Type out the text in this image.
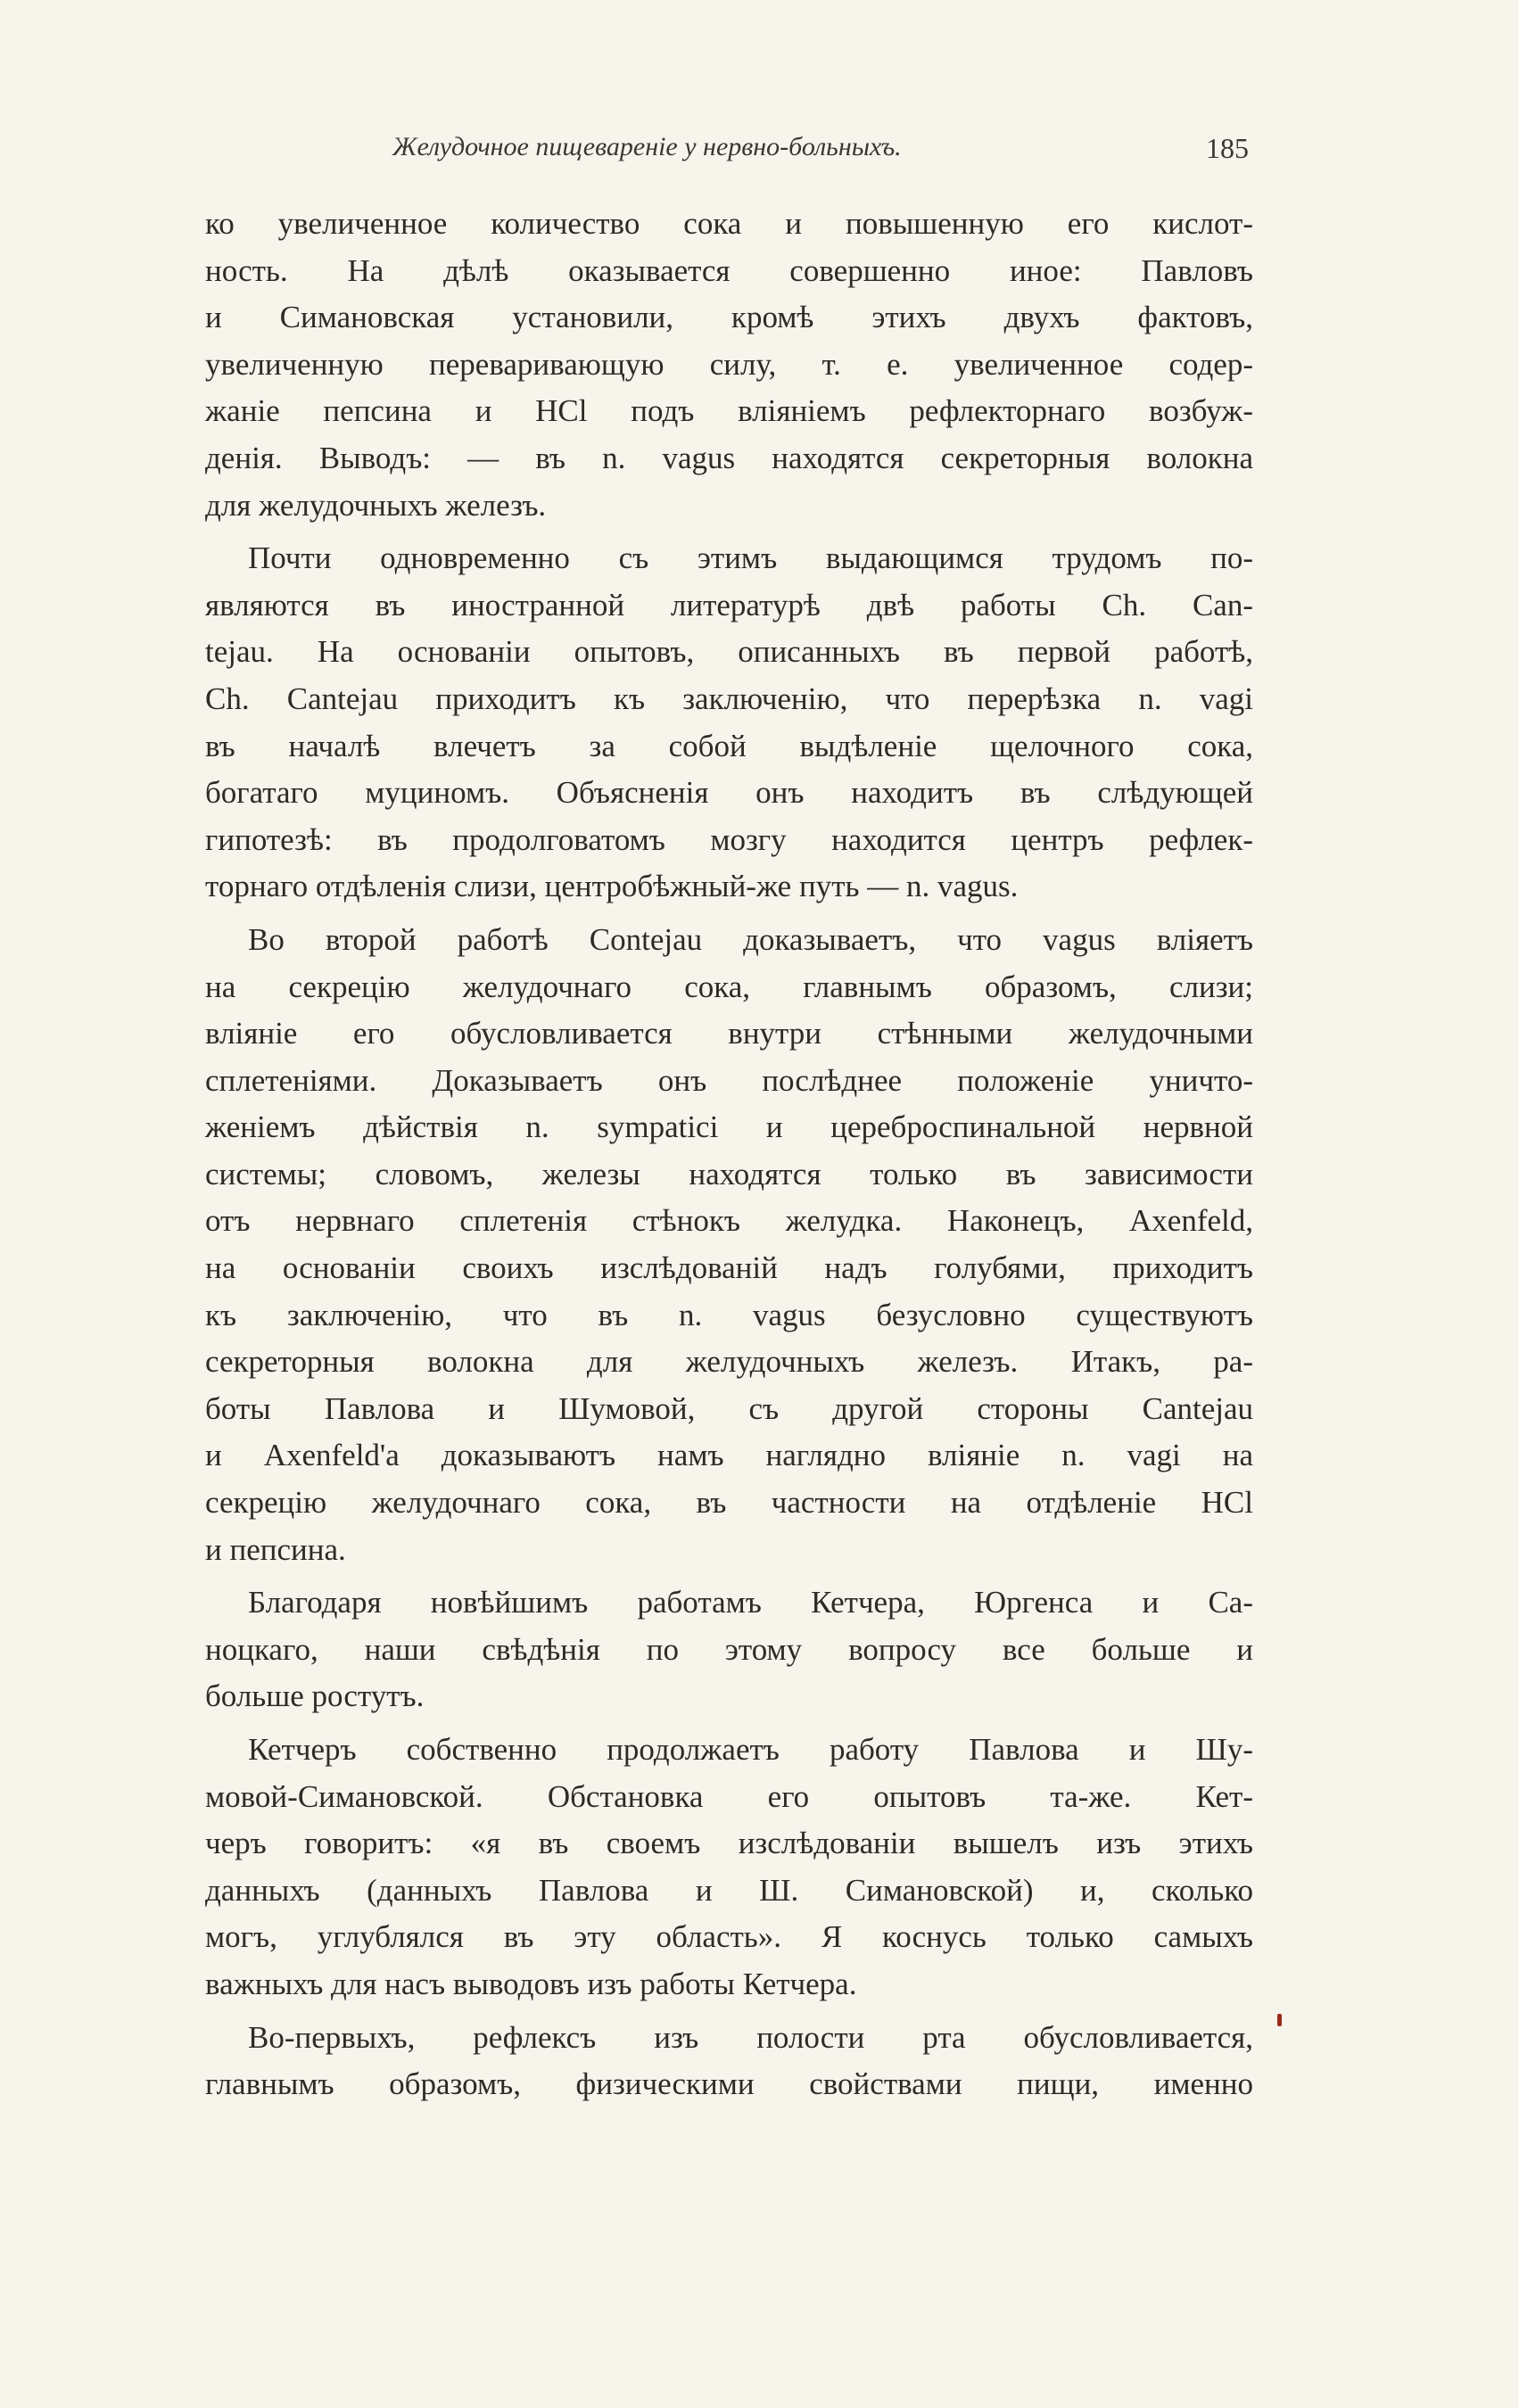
Желудочное пищевареніе у нервно-больныхъ.	185
ко увеличенное количество сока и повышенную его кислот-
ность. На дѣлѣ оказывается совершенно иное: Павловъ
и Симановская установили, кромѣ этихъ двухъ фактовъ,
увеличенную переваривающую силу, т. е. увеличенное содер-
жаніе пепсина и HCl подъ вліяніемъ рефлекторнаго возбуж-
денія. Выводъ: — въ n. vagus находятся секреторныя волокна
для желудочныхъ железъ.
Почти одновременно съ этимъ выдающимся трудомъ по-
являются въ иностранной литературѣ двѣ работы Ch. Can-
tejau. На основаніи опытовъ, описанныхъ въ первой работѣ,
Ch. Cantejau приходитъ къ заключенію, что перерѣзка n. vagi
въ началѣ влечетъ за собой выдѣленіе щелочного сока,
богатаго муциномъ. Объясненія онъ находитъ въ слѣдующей
гипотезѣ: въ продолговатомъ мозгу находится центръ рефлек-
торнаго отдѣленія слизи, центробѣжный-же путь — n. vagus.
Во второй работѣ Contejau доказываетъ, что vagus вліяетъ
на секрецію желудочнаго сока, главнымъ образомъ, слизи;
вліяніе его обусловливается внутри стѣнными желудочными
сплетеніями. Доказываетъ онъ послѣднее положеніе уничто-
женіемъ дѣйствія n. sympatici и цереброспинальной нервной
системы; словомъ, железы находятся только въ зависимости
отъ нервнаго сплетенія стѣнокъ желудка. Наконецъ, Axenfeld,
на основаніи своихъ изслѣдованій надъ голубями, приходитъ
къ заключенію, что въ n. vagus безусловно существуютъ
секреторныя волокна для желудочныхъ железъ. Итакъ, ра-
боты Павлова и Шумовой, съ другой стороны Cantejau
и Axenfeld'a доказываютъ намъ наглядно вліяніе n. vagi на
секрецію желудочнаго сока, въ частности на отдѣленіе HCl
и пепсина.
Благодаря новѣйшимъ работамъ Кетчера, Юргенса и Са-
ноцкаго, наши свѣдѣнія по этому вопросу все больше и
больше ростутъ.
Кетчеръ собственно продолжаетъ работу Павлова и Шу-
мовой-Симановской. Обстановка его опытовъ та-же. Кет-
черъ говоритъ: «я въ своемъ изслѣдованіи вышелъ изъ этихъ
данныхъ (данныхъ Павлова и Ш. Симановской) и, сколько
могъ, углублялся въ эту область». Я коснусь только самыхъ
важныхъ для насъ выводовъ изъ работы Кетчера.
Во-первыхъ, рефлексъ изъ полости рта обусловливается,
главнымъ образомъ, физическими свойствами пищи, именно
